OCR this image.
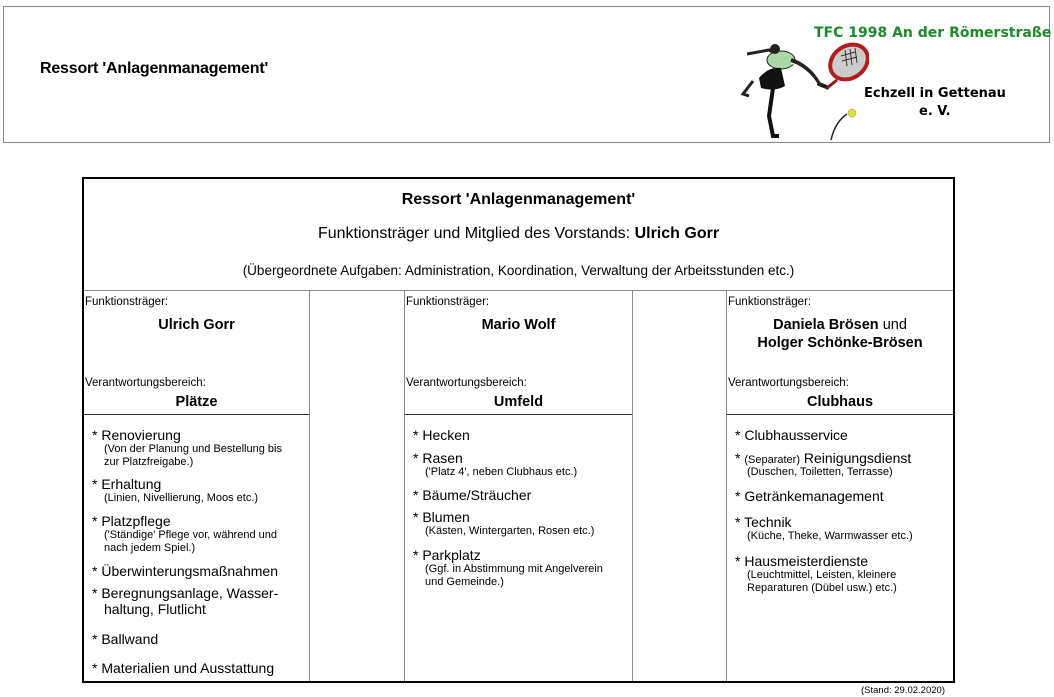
Ressort 'Anlagenmanagement'
TFC 1998 An der Römerstraße
Echzell in Gettenau
e. V.
Ressort 'Anlagenmanagement'
Funktionsträger und Mitglied des Vorstands: Ulrich Gorr
(Übergeordnete Aufgaben: Administration, Koordination, Verwaltung der Arbeitsstunden etc.)
Funktionsträger:
Ulrich Gorr
Verantwortungsbereich:
Plätze
* Renovierung
(Von der Planung und Bestellung bis zur Platzfreigabe.)
* Erhaltung
(Linien, Nivellierung, Moos etc.)
* Platzpflege
('Ständige' Pflege vor, während und nach jedem Spiel.)
* Überwinterungsmaßnahmen
* Beregnungsanlage, Wasser-
haltung, Flutlicht
* Ballwand
* Materialien und Ausstattung
Funktionsträger:
Mario Wolf
Verantwortungsbereich:
Umfeld
* Hecken
* Rasen
('Platz 4', neben Clubhaus etc.)
* Bäume/Sträucher
* Blumen
(Kästen, Wintergarten, Rosen etc.)
* Parkplatz
(Ggf. in Abstimmung mit Angelverein und Gemeinde.)
Funktionsträger:
Daniela Brösen und
Holger Schönke-Brösen
Verantwortungsbereich:
Clubhaus
* Clubhausservice
* (Separater) Reinigungsdienst
(Duschen, Toiletten, Terrasse)
* Getränkemanagement
* Technik
(Küche, Theke, Warmwasser etc.)
* Hausmeisterdienste
(Leuchtmittel, Leisten, kleinere Reparaturen (Dübel usw.) etc.)
(Stand: 29.02.2020)
